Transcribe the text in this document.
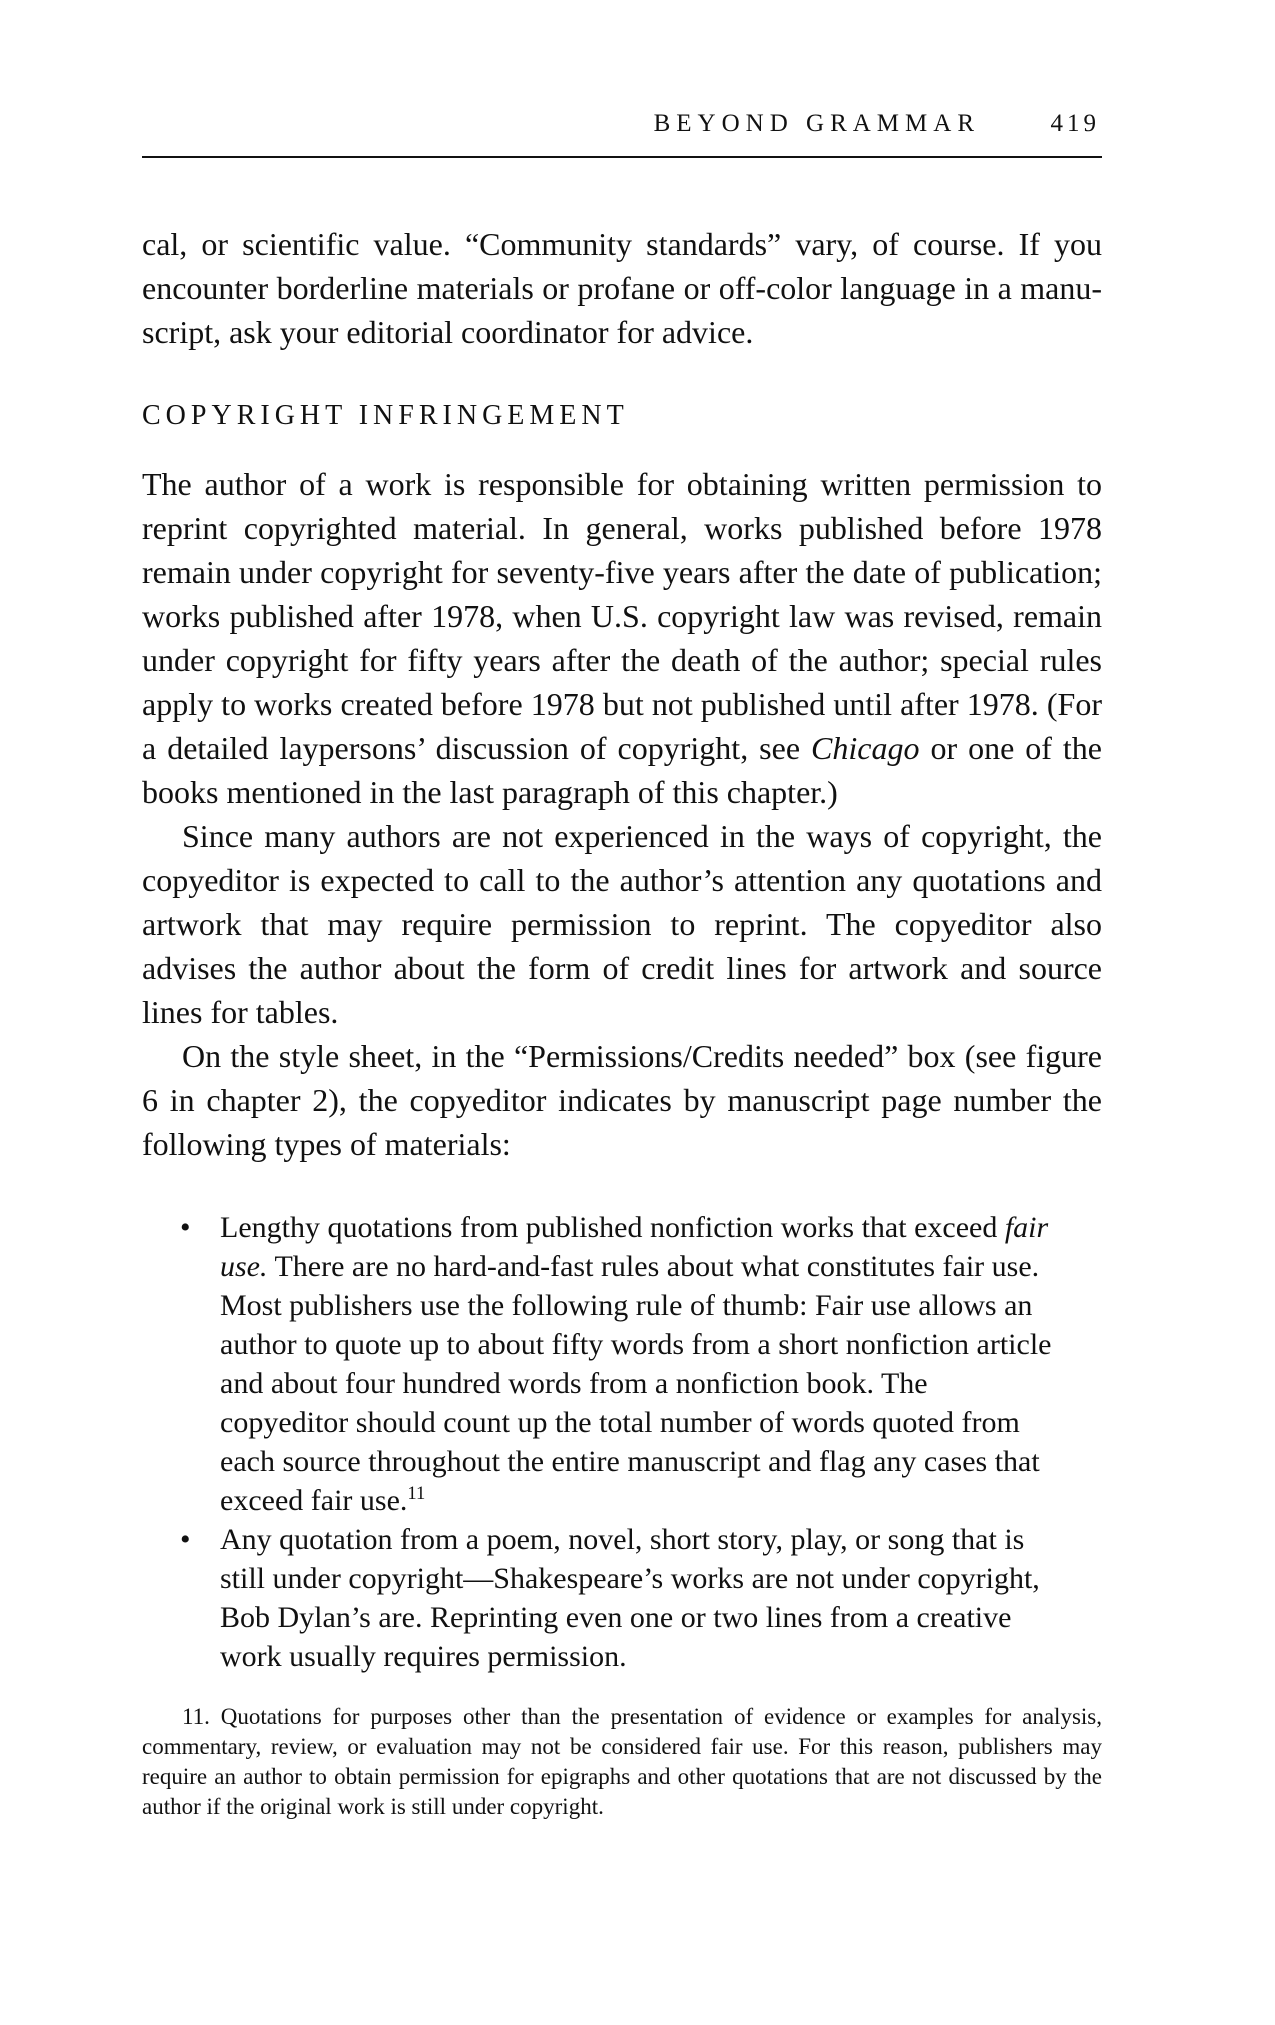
BEYOND GRAMMAR	419

cal, or scientific value. “Community standards” vary, of course. If you encounter borderline materials or profane or off-color language in a manuscript, ask your editorial coordinator for advice.

COPYRIGHT INFRINGEMENT

The author of a work is responsible for obtaining written permission to reprint copyrighted material. In general, works published before 1978 remain under copyright for seventy-five years after the date of publication; works published after 1978, when U.S. copyright law was revised, remain under copyright for fifty years after the death of the author; special rules apply to works created before 1978 but not published until after 1978. (For a detailed laypersons’ discussion of copyright, see Chicago or one of the books mentioned in the last paragraph of this chapter.)

Since many authors are not experienced in the ways of copyright, the copyeditor is expected to call to the author’s attention any quotations and artwork that may require permission to reprint. The copyeditor also advises the author about the form of credit lines for artwork and source lines for tables.

On the style sheet, in the “Permissions/Credits needed” box (see figure 6 in chapter 2), the copyeditor indicates by manuscript page number the following types of materials:

• Lengthy quotations from published nonfiction works that exceed fair use. There are no hard-and-fast rules about what constitutes fair use. Most publishers use the following rule of thumb: Fair use allows an author to quote up to about fifty words from a short nonfiction article and about four hundred words from a nonfiction book. The copyeditor should count up the total number of words quoted from each source throughout the entire manuscript and flag any cases that exceed fair use.$^{11}$
• Any quotation from a poem, novel, short story, play, or song that is still under copyright—Shakespeare’s works are not under copyright, Bob Dylan’s are. Reprinting even one or two lines from a creative work usually requires permission.

11. Quotations for purposes other than the presentation of evidence or examples for analysis, commentary, review, or evaluation may not be considered fair use. For this reason, publishers may require an author to obtain permission for epigraphs and other quotations that are not discussed by the author if the original work is still under copyright.
